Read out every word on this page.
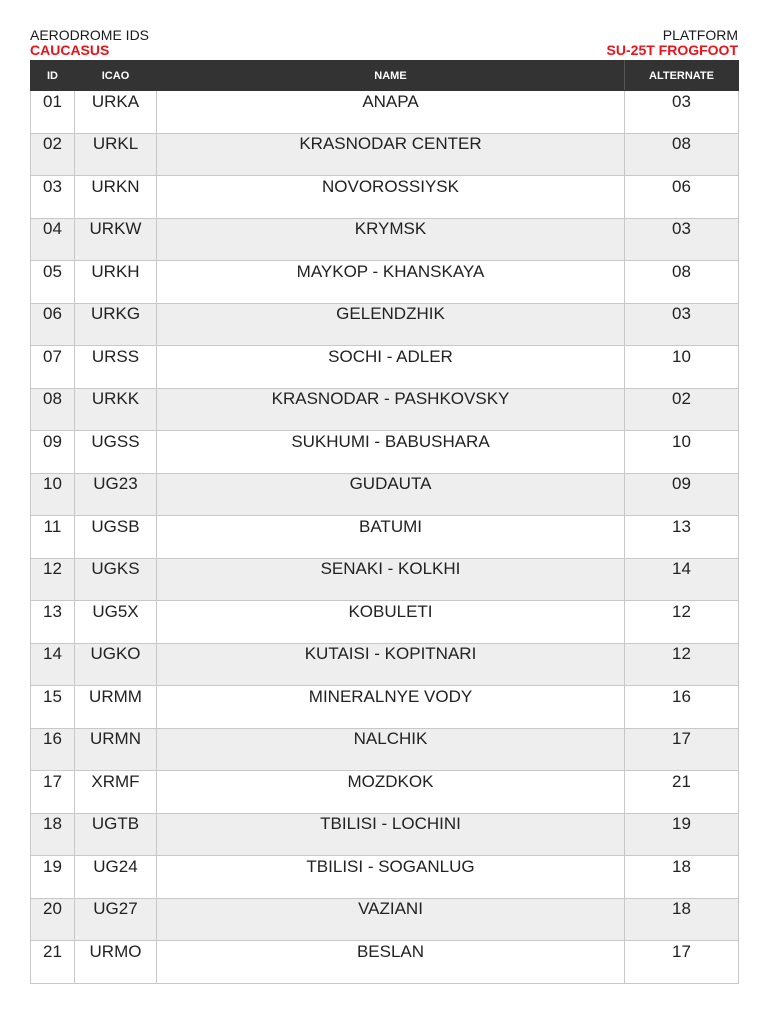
AERODROME IDS
CAUCASUS
PLATFORM
SU-25T FROGFOOT
ID	ICAO	NAME	ALTERNATE
01	URKA	ANAPA	03
02	URKL	KRASNODAR CENTER	08
03	URKN	NOVOROSSIYSK	06
04	URKW	KRYMSK	03
05	URKH	MAYKOP - KHANSKAYA	08
06	URKG	GELENDZHIK	03
07	URSS	SOCHI - ADLER	10
08	URKK	KRASNODAR - PASHKOVSKY	02
09	UGSS	SUKHUMI - BABUSHARA	10
10	UG23	GUDAUTA	09
11	UGSB	BATUMI	13
12	UGKS	SENAKI - KOLKHI	14
13	UG5X	KOBULETI	12
14	UGKO	KUTAISI - KOPITNARI	12
15	URMM	MINERALNYE VODY	16
16	URMN	NALCHIK	17
17	XRMF	MOZDKOK	21
18	UGTB	TBILISI - LOCHINI	19
19	UG24	TBILISI - SOGANLUG	18
20	UG27	VAZIANI	18
21	URMO	BESLAN	17
